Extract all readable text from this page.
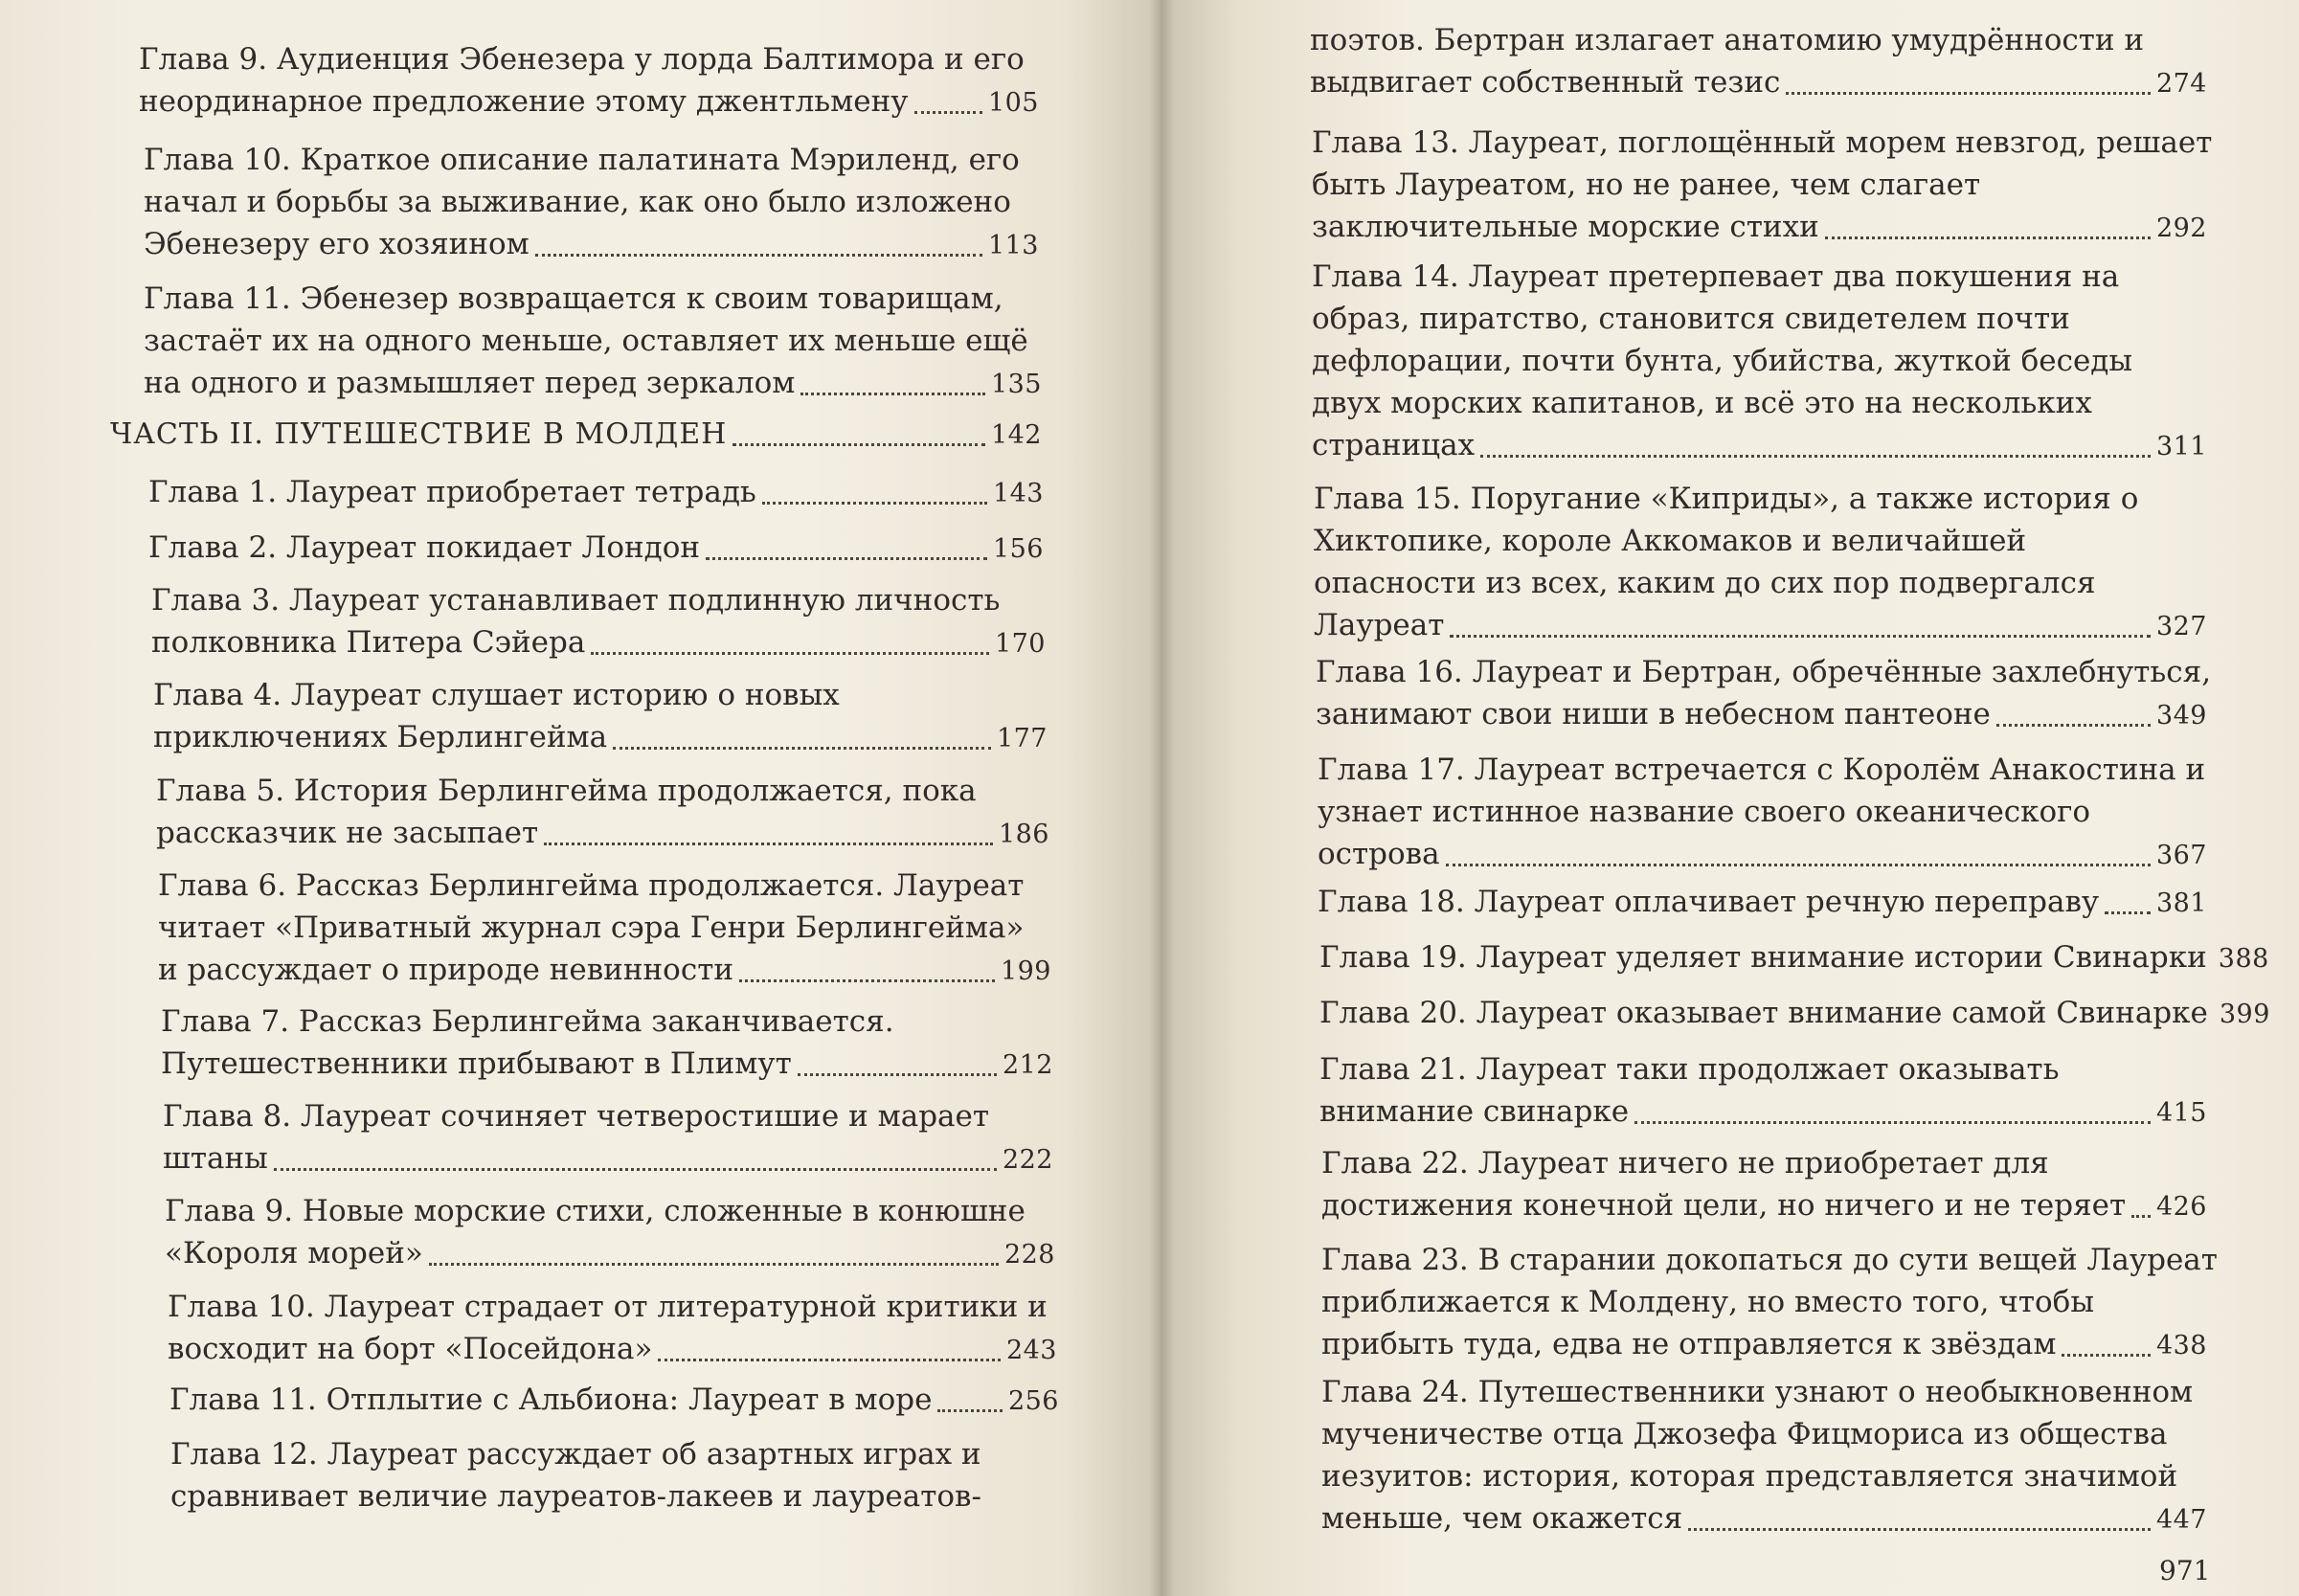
Глава 9. Аудиенция Эбенезера у лорда Балтимора и его
неординарное предложение этому джентльмену	105
Глава 10. Краткое описание палатината Мэриленд, его
начал и борьбы за выживание, как оно было изложено
Эбенезеру его хозяином	113
Глава 11. Эбенезер возвращается к своим товарищам,
застаёт их на одного меньше, оставляет их меньше ещё
на одного и размышляет перед зеркалом	135
ЧАСТЬ II. ПУТЕШЕСТВИЕ В МОЛДЕН	142
Глава 1. Лауреат приобретает тетрадь	143
Глава 2. Лауреат покидает Лондон	156
Глава 3. Лауреат устанавливает подлинную личность
полковника Питера Сэйера	170
Глава 4. Лауреат слушает историю о новых
приключениях Берлингейма	177
Глава 5. История Берлингейма продолжается, пока
рассказчик не засыпает	186
Глава 6. Рассказ Берлингейма продолжается. Лауреат
читает «Приватный журнал сэра Генри Берлингейма»
и рассуждает о природе невинности	199
Глава 7. Рассказ Берлингейма заканчивается.
Путешественники прибывают в Плимут	212
Глава 8. Лауреат сочиняет четверостишие и марает
штаны	222
Глава 9. Новые морские стихи, сложенные в конюшне
«Короля морей»	228
Глава 10. Лауреат страдает от литературной критики и
восходит на борт «Посейдона»	243
Глава 11. Отплытие с Альбиона: Лауреат в море	256
Глава 12. Лауреат рассуждает об азартных играх и
сравнивает величие лауреатов-лакеев и лауреатов-
поэтов. Бертран излагает анатомию умудрённости и
выдвигает собственный тезис	274
Глава 13. Лауреат, поглощённый морем невзгод, решает
быть Лауреатом, но не ранее, чем слагает
заключительные морские стихи	292
Глава 14. Лауреат претерпевает два покушения на
образ, пиратство, становится свидетелем почти
дефлорации, почти бунта, убийства, жуткой беседы
двух морских капитанов, и всё это на нескольких
страницах	311
Глава 15. Поругание «Киприды», а также история о
Хиктопике, короле Аккомаков и величайшей
опасности из всех, каким до сих пор подвергался
Лауреат	327
Глава 16. Лауреат и Бертран, обречённые захлебнуться,
занимают свои ниши в небесном пантеоне	349
Глава 17. Лауреат встречается с Королём Анакостина и
узнает истинное название своего океанического
острова	367
Глава 18. Лауреат оплачивает речную переправу 381
Глава 19. Лауреат уделяет внимание истории Свинарки 388
Глава 20. Лауреат оказывает внимание самой Свинарке 399
Глава 21. Лауреат таки продолжает оказывать
внимание свинарке	415
Глава 22. Лауреат ничего не приобретает для
достижения конечной цели, но ничего и не теряет 426
Глава 23. В старании докопаться до сути вещей Лауреат
приближается к Молдену, но вместо того, чтобы
прибыть туда, едва не отправляется к звёздам	438
Глава 24. Путешественники узнают о необыкновенном
мученичестве отца Джозефа Фицмориса из общества
иезуитов: история, которая представляется значимой
меньше, чем окажется	447
971
